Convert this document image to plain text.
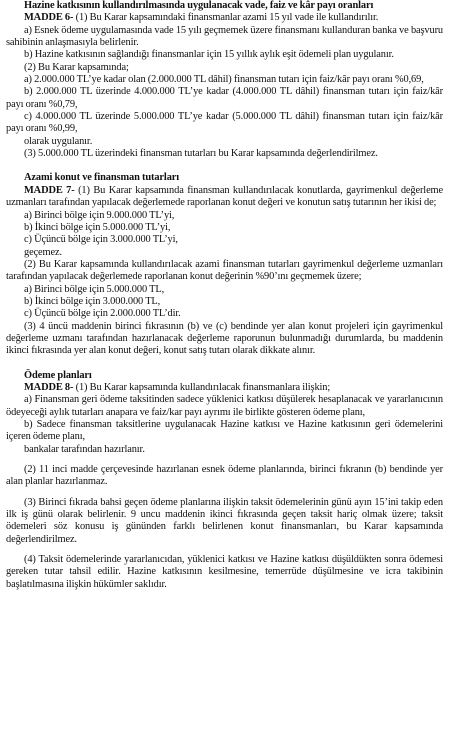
Hazine katkısının kullandırılmasında uygulanacak vade, faiz ve kâr payı oranları

MADDE 6- (1) Bu Karar kapsamındaki finansmanlar azami 15 yıl vade ile kullandırılır.

a) Esnek ödeme uygulamasında vade 15 yılı geçmemek üzere finansmanı kullanduran banka ve başvuru sahibinin anlaşmasıyla belirlenir.

b) Hazine katkısının sağlandığı finansmanlar için 15 yıllık aylık eşit ödemeli plan uygulanır.

(2) Bu Karar kapsamında;

a) 2.000.000 TL’ye kadar olan (2.000.000 TL dâhil) finansman tutarı için faiz/kâr payı oranı %0,69,

b) 2.000.000 TL üzerinde 4.000.000 TL’ye kadar (4.000.000 TL dâhil) finansman tutarı için faiz/kâr payı oranı %0,79,

c) 4.000.000 TL üzerinde 5.000.000 TL’ye kadar (5.000.000 TL dâhil) finansman tutarı için faiz/kâr payı oranı %0,99,

olarak uygulanır.

(3) 5.000.000 TL üzerindeki finansman tutarları bu Karar kapsamında değerlendirilmez.

Azami konut ve finansman tutarları

MADDE 7- (1) Bu Karar kapsamında finansman kullandırılacak konutlarda, gayrimenkul değerleme uzmanları tarafından yapılacak değerlemede raporlanan konut değeri ve konutun satış tutarının her ikisi de;

a) Birinci bölge için 9.000.000 TL’yi,

b) İkinci bölge için 5.000.000 TL’yi,

c) Üçüncü bölge için 3.000.000 TL’yi,

geçemez.

(2) Bu Karar kapsamında kullandırılacak azami finansman tutarları gayrimenkul değerleme uzmanları tarafından yapılacak değerlemede raporlanan konut değerinin %90’ını geçmemek üzere;

a) Birinci bölge için 5.000.000 TL,

b) İkinci bölge için 3.000.000 TL,

c) Üçüncü bölge için 2.000.000 TL’dir.

(3) 4 üncü maddenin birinci fıkrasının (b) ve (c) bendinde yer alan konut projeleri için gayrimenkul değerleme uzmanı tarafından hazırlanacak değerleme raporunun bulunmadığı durumlarda, bu maddenin ikinci fıkrasında yer alan konut değeri, konut satış tutarı olarak dikkate alınır.

Ödeme planları

MADDE 8- (1) Bu Karar kapsamında kullandırılacak finansmanlara ilişkin;

a) Finansman geri ödeme taksitinden sadece yüklenici katkısı düşülerek hesaplanacak ve yararlanıcının ödeyeceği aylık tutarları anapara ve faiz/kar payı ayrımı ile birlikte gösteren ödeme planı,

b) Sadece finansman taksitlerine uygulanacak Hazine katkısı ve Hazine katkısının geri ödemelerini içeren ödeme planı,

bankalar tarafından hazırlanır.

(2) 11 inci madde çerçevesinde hazırlanan esnek ödeme planlarında, birinci fıkranın (b) bendinde yer alan planlar hazırlanmaz.

(3) Birinci fıkrada bahsi geçen ödeme planlarına ilişkin taksit ödemelerinin günü ayın 15’ini takip eden ilk iş günü olarak belirlenir. 9 uncu maddenin ikinci fıkrasında geçen taksit hariç olmak üzere; taksit ödemeleri söz konusu iş gününden farklı belirlenen konut finansmanları, bu Karar kapsamında değerlendirilmez.

(4) Taksit ödemelerinde yararlanıcıdan, yüklenici katkısı ve Hazine katkısı düşüldükten sonra ödemesi gereken tutar tahsil edilir. Hazine katkısının kesilmesine, temerrüde düşülmesine ve icra takibinin başlatılmasına ilişkin hükümler saklıdır.
